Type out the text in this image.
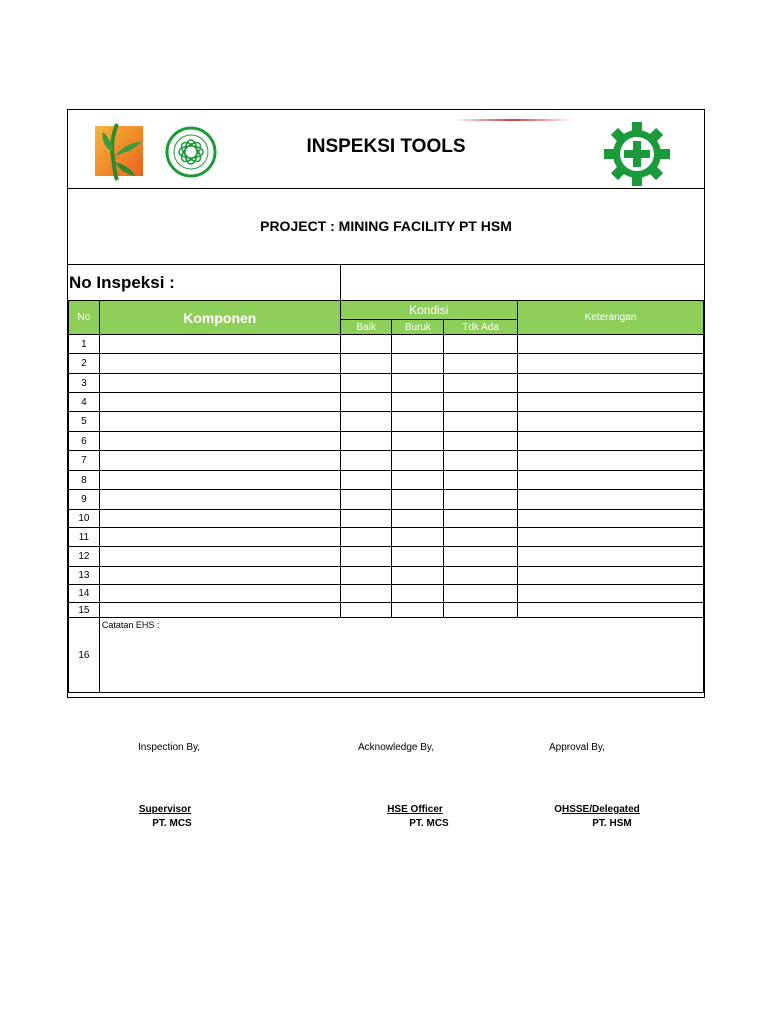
INSPEKSI TOOLS
PROJECT : MINING FACILITY PT HSM
No Inspeksi :
No	Komponen	Kondisi			Keterangan
		Baik	Buruk	Tdk Ada	
1					
2					
3					
4					
5					
6					
7					
8					
9					
10					
11					
12					
13					
14					
15					
16	Catatan EHS :				
Inspection By,	Acknowledge By,	Approval By,
Supervisor
PT. MCS
HSE Officer
PT. MCS
OHSSE/Delegated
PT. HSM
